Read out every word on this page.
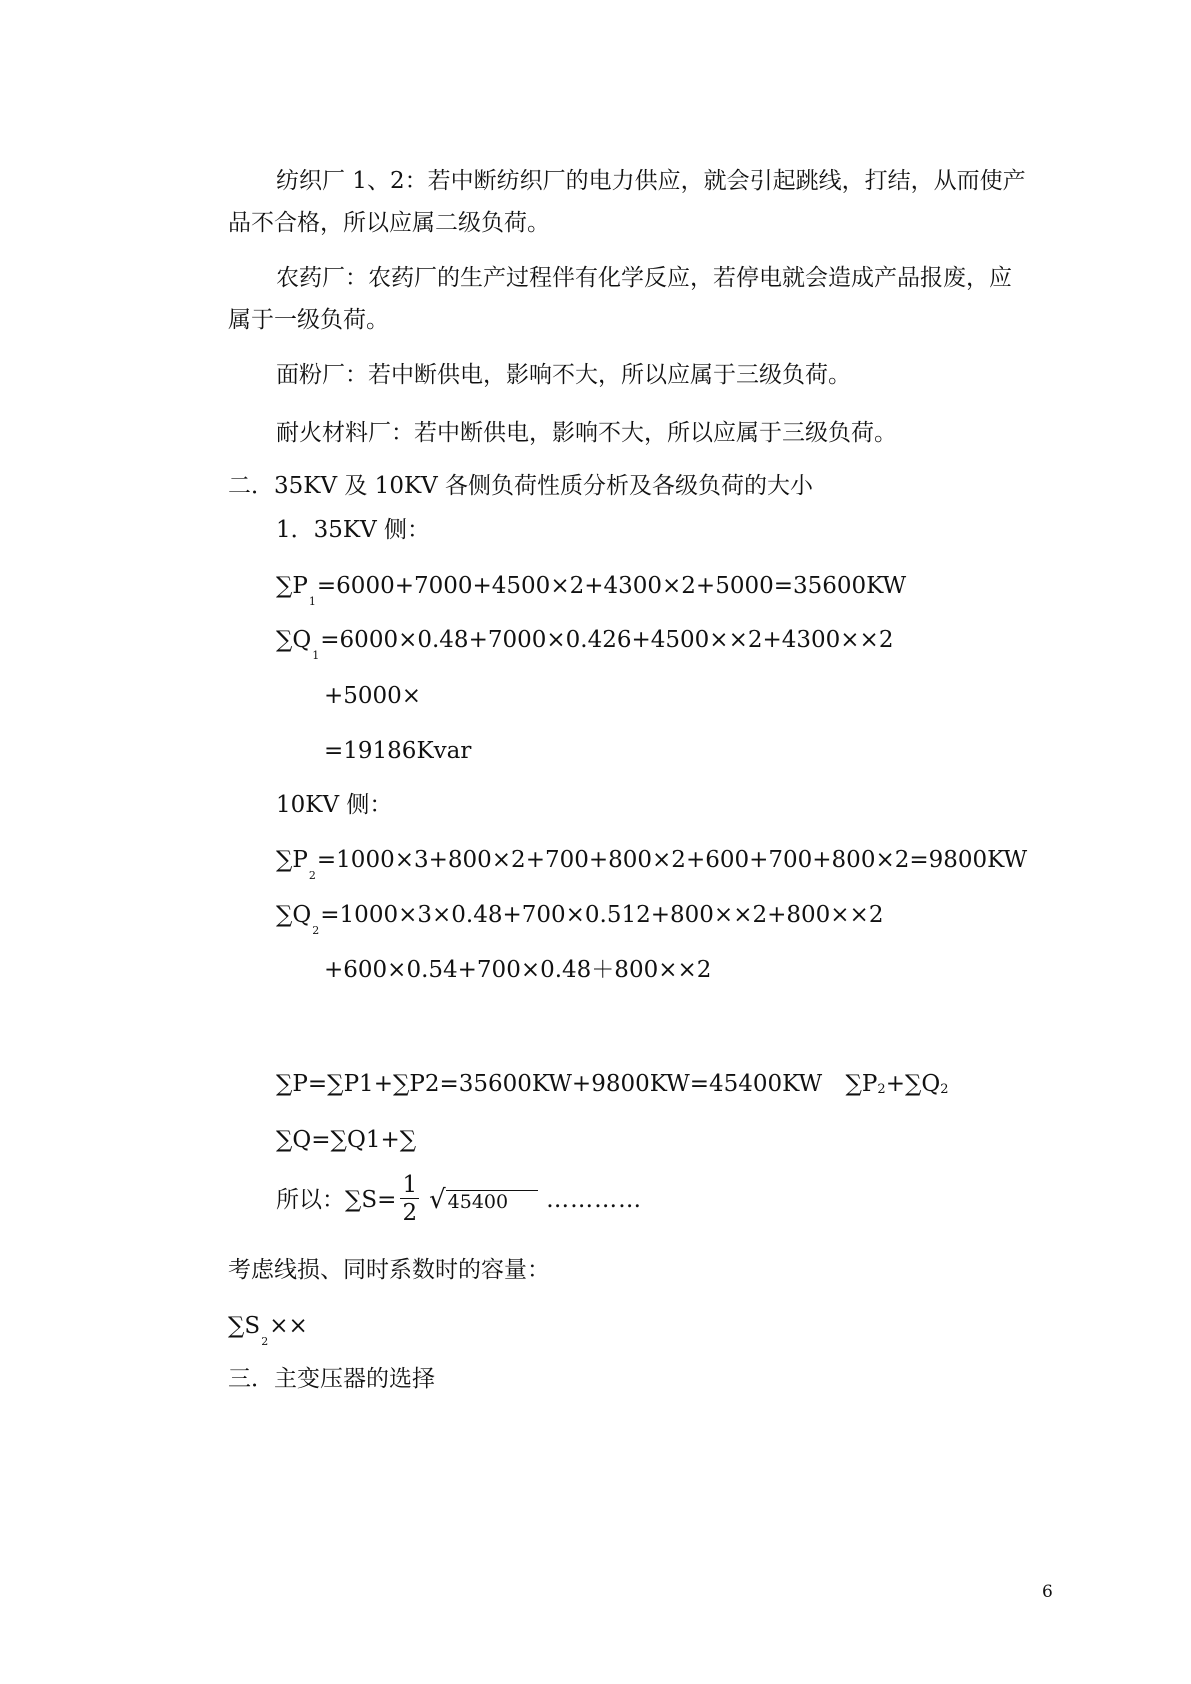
纺织厂 1、2：若中断纺织厂的电力供应，就会引起跳线，打结，从而使产
品不合格，所以应属二级负荷。
农药厂：农药厂的生产过程伴有化学反应，若停电就会造成产品报废，应
属于一级负荷。
面粉厂：若中断供电，影响不大，所以应属于三级负荷。
耐火材料厂：若中断供电，影响不大，所以应属于三级负荷。
二．35KV 及 10KV 各侧负荷性质分析及各级负荷的大小
1．35KV 侧：
$\sum P_1=6000+7000+4500\times 2+4300\times 2+5000=35600KW$
$\sum Q_1=6000\times 0.48+7000\times 0.426+4500\times\times 2+4300\times\times 2$
+5000×
=19186Kvar
10KV 侧：
$\sum P_2=1000\times 3+800\times 2+700+800\times 2+600+700+800\times 2=9800KW$
$\sum Q_2=1000\times 3\times 0.48+700\times 0.512+800\times\times 2+800\times\times 2$
+600×0.54+700×0.48＋800××2
∑P=∑P1+∑P2=35600KW+9800KW=45400KW ∑P2+∑Q2
∑Q=∑Q1+∑
所以：$\sum S= \frac{1}{2}$ √ 45400 …………
考虑线损、同时系数时的容量：
$\sum S_2\times\times$
三．主变压器的选择
6
